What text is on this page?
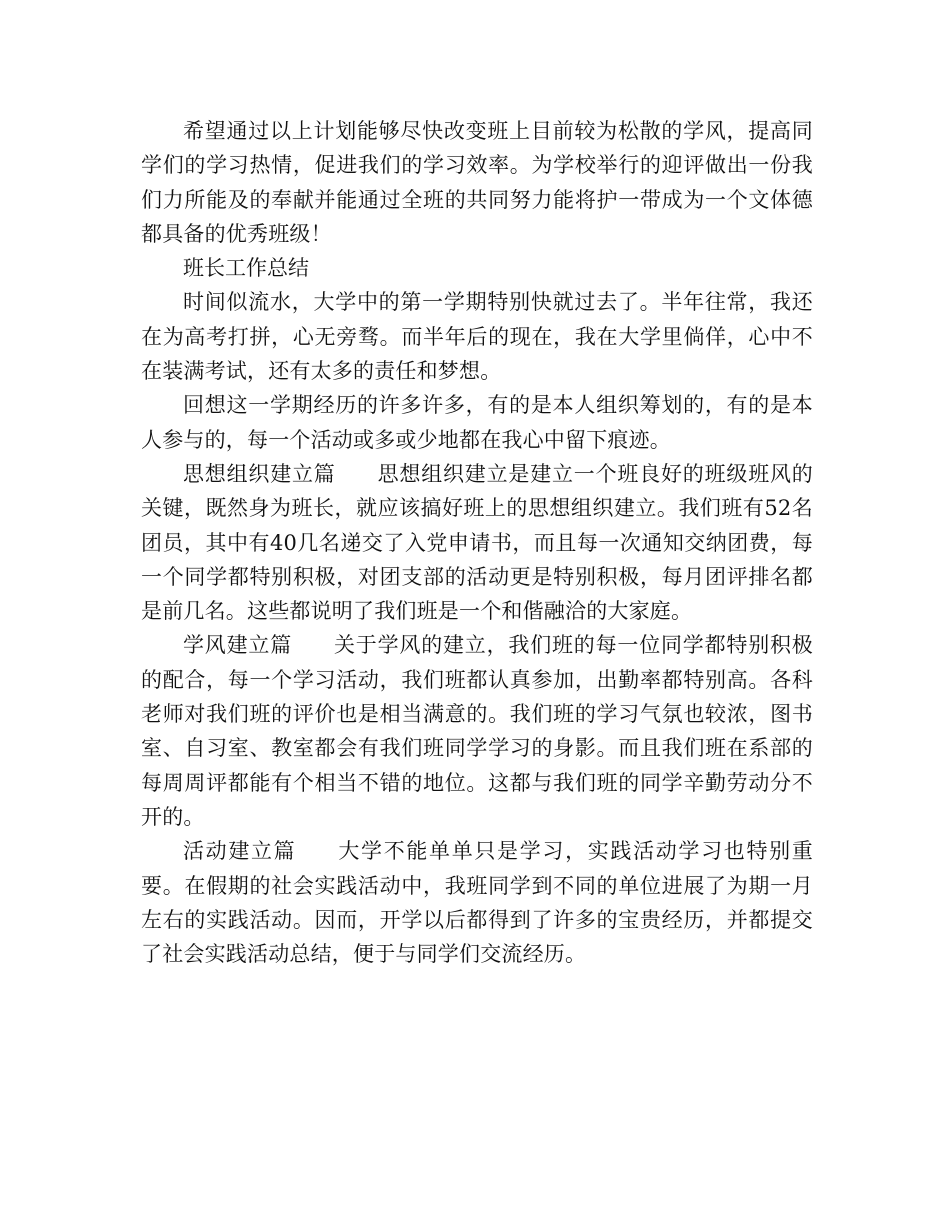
希望通过以上计划能够尽快改变班上目前较为松散的学风，提高同学们的学习热情，促进我们的学习效率。为学校举行的迎评做出一份我们力所能及的奉献并能通过全班的共同努力能将护一带成为一个文体德都具备的优秀班级！

班长工作总结

时间似流水，大学中的第一学期特别快就过去了。半年往常，我还在为高考打拼，心无旁骛。而半年后的现在，我在大学里倘佯，心中不在装满考试，还有太多的责任和梦想。

回想这一学期经历的许多许多，有的是本人组织筹划的，有的是本人参与的，每一个活动或多或少地都在我心中留下痕迹。

思想组织建立篇 思想组织建立是建立一个班良好的班级班风的关键，既然身为班长，就应该搞好班上的思想组织建立。我们班有52名团员，其中有40几名递交了入党申请书，而且每一次通知交纳团费，每一个同学都特别积极，对团支部的活动更是特别积极，每月团评排名都是前几名。这些都说明了我们班是一个和偕融洽的大家庭。

学风建立篇 关于学风的建立，我们班的每一位同学都特别积极的配合，每一个学习活动，我们班都认真参加，出勤率都特别高。各科老师对我们班的评价也是相当满意的。我们班的学习气氛也较浓，图书室、自习室、教室都会有我们班同学学习的身影。而且我们班在系部的每周周评都能有个相当不错的地位。这都与我们班的同学辛勤劳动分不开的。

活动建立篇 大学不能单单只是学习，实践活动学习也特别重要。在假期的社会实践活动中，我班同学到不同的单位进展了为期一月左右的实践活动。因而，开学以后都得到了许多的宝贵经历，并都提交了社会实践活动总结，便于与同学们交流经历。
